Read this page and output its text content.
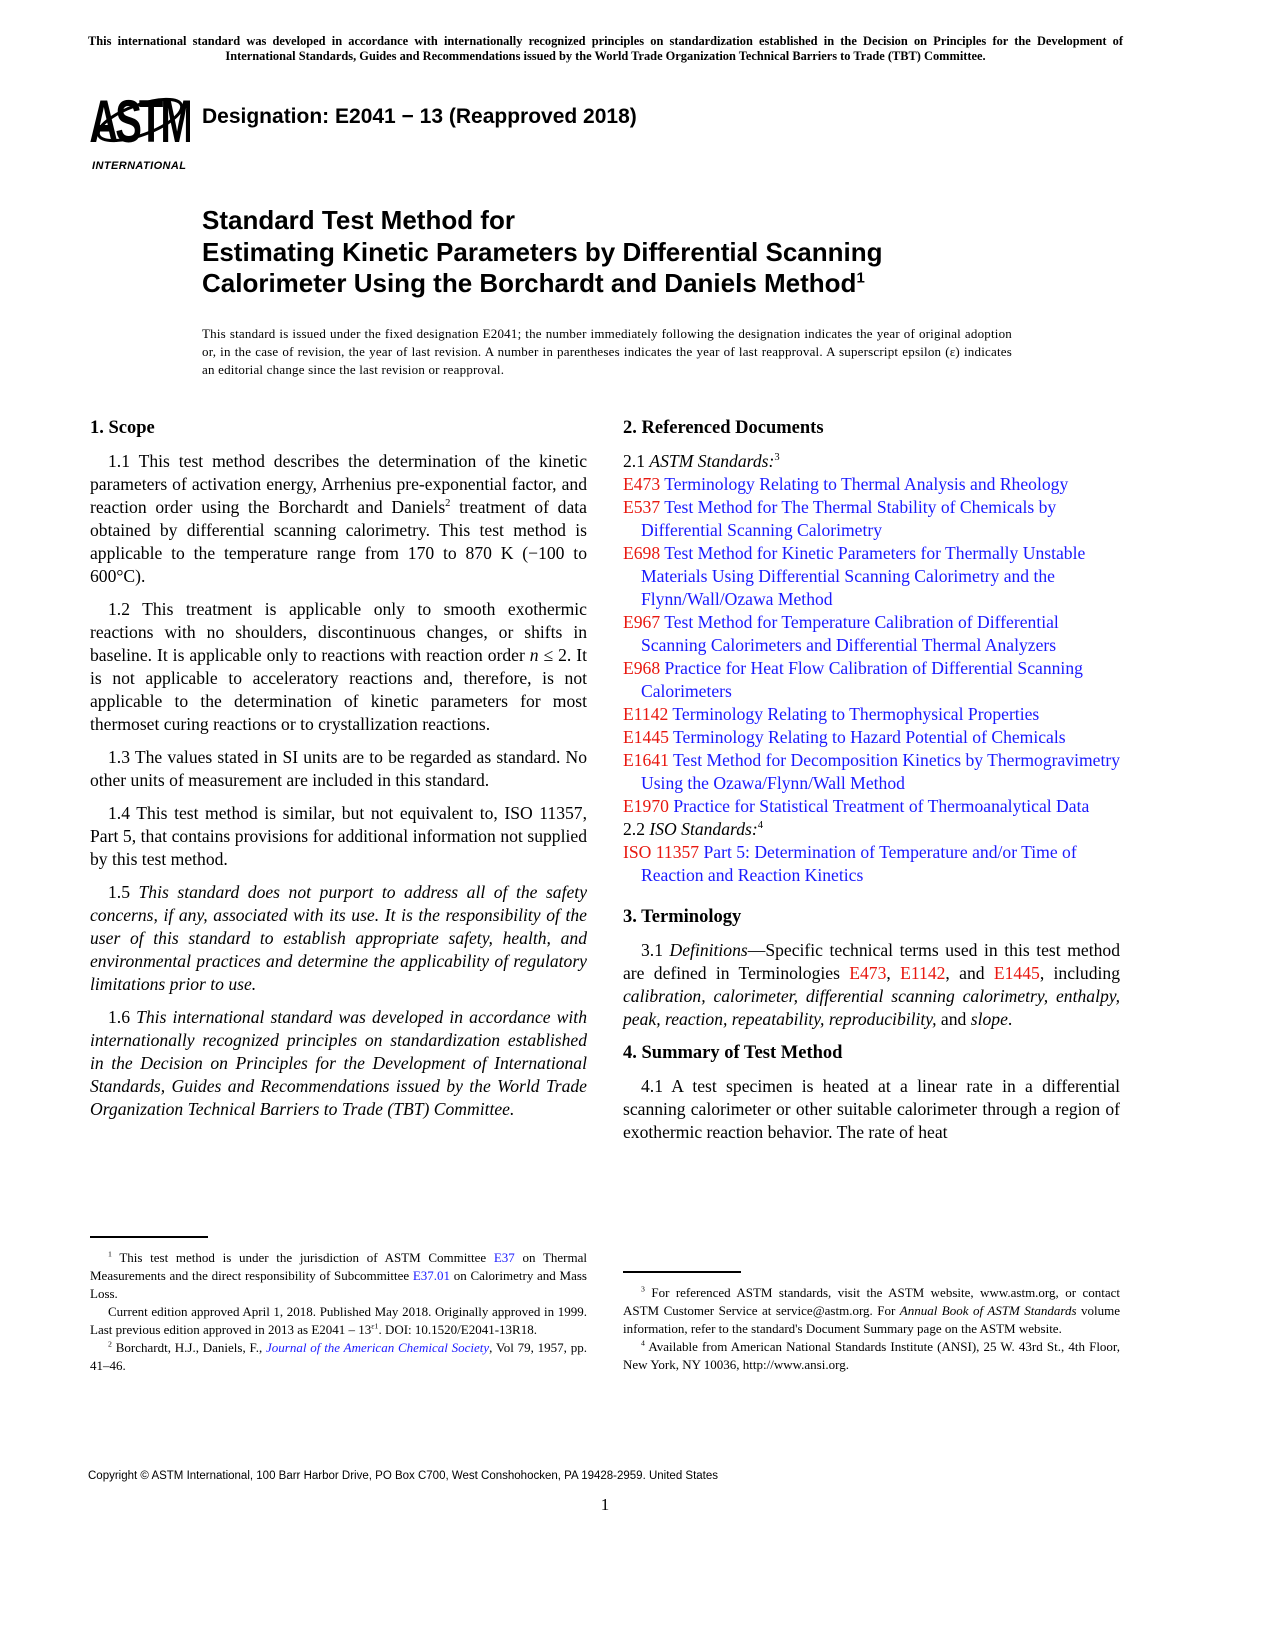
This international standard was developed in accordance with internationally recognized principles on standardization established in the Decision on Principles for the Development of International Standards, Guides and Recommendations issued by the World Trade Organization Technical Barriers to Trade (TBT) Committee.
ASTM
INTERNATIONAL
Designation: E2041 − 13 (Reapproved 2018)
Standard Test Method for
Estimating Kinetic Parameters by Differential Scanning
Calorimeter Using the Borchardt and Daniels Method$^1$
This standard is issued under the fixed designation E2041; the number immediately following the designation indicates the year of original adoption or, in the case of revision, the year of last revision. A number in parentheses indicates the year of last reapproval. A superscript epsilon (ε) indicates an editorial change since the last revision or reapproval.
1. Scope

1.1 This test method describes the determination of the kinetic parameters of activation energy, Arrhenius pre-exponential factor, and reaction order using the Borchardt and Daniels$^2$ treatment of data obtained by differential scanning calorimetry. This test method is applicable to the temperature range from 170 to 870 K (−100 to 600°C).

1.2 This treatment is applicable only to smooth exothermic reactions with no shoulders, discontinuous changes, or shifts in baseline. It is applicable only to reactions with reaction order n ≤ 2. It is not applicable to acceleratory reactions and, therefore, is not applicable to the determination of kinetic parameters for most thermoset curing reactions or to crystallization reactions.

1.3 The values stated in SI units are to be regarded as standard. No other units of measurement are included in this standard.

1.4 This test method is similar, but not equivalent to, ISO 11357, Part 5, that contains provisions for additional information not supplied by this test method.

1.5 This standard does not purport to address all of the safety concerns, if any, associated with its use. It is the responsibility of the user of this standard to establish appropriate safety, health, and environmental practices and determine the applicability of regulatory limitations prior to use.

1.6 This international standard was developed in accordance with internationally recognized principles on standardization established in the Decision on Principles for the Development of International Standards, Guides and Recommendations issued by the World Trade Organization Technical Barriers to Trade (TBT) Committee.

2. Referenced Documents
2.1 ASTM Standards:$^3$
E473 Terminology Relating to Thermal Analysis and Rheology
E537 Test Method for The Thermal Stability of Chemicals by Differential Scanning Calorimetry
E698 Test Method for Kinetic Parameters for Thermally Unstable Materials Using Differential Scanning Calorimetry and the Flynn/Wall/Ozawa Method
E967 Test Method for Temperature Calibration of Differential Scanning Calorimeters and Differential Thermal Analyzers
E968 Practice for Heat Flow Calibration of Differential Scanning Calorimeters
E1142 Terminology Relating to Thermophysical Properties
E1445 Terminology Relating to Hazard Potential of Chemicals
E1641 Test Method for Decomposition Kinetics by Thermogravimetry Using the Ozawa/Flynn/Wall Method
E1970 Practice for Statistical Treatment of Thermoanalytical Data
2.2 ISO Standards:$^4$
ISO 11357 Part 5: Determination of Temperature and/or Time of Reaction and Reaction Kinetics
3. Terminology

3.1 Definitions—Specific technical terms used in this test method are defined in Terminologies E473, E1142, and E1445, including calibration, calorimeter, differential scanning calorimetry, enthalpy, peak, reaction, repeatability, reproducibility, and slope.

4. Summary of Test Method

4.1 A test specimen is heated at a linear rate in a differential scanning calorimeter or other suitable calorimeter through a region of exothermic reaction behavior. The rate of heat

$^1$ This test method is under the jurisdiction of ASTM Committee E37 on Thermal Measurements and the direct responsibility of Subcommittee E37.01 on Calorimetry and Mass Loss.

Current edition approved April 1, 2018. Published May 2018. Originally approved in 1999. Last previous edition approved in 2013 as $E2041 - 13^{\varepsilon 1}$. DOI: 10.1520/E2041-13R18.

$^2$ Borchardt, H.J., Daniels, F., Journal of the American Chemical Society, Vol 79, 1957, pp. 41–46.

$^3$ For referenced ASTM standards, visit the ASTM website, www.astm.org, or contact ASTM Customer Service at service@astm.org. For Annual Book of ASTM Standards volume information, refer to the standard's Document Summary page on the ASTM website.

$^4$ Available from American National Standards Institute (ANSI), 25 W. 43rd St., 4th Floor, New York, NY 10036, http://www.ansi.org.

Copyright © ASTM International, 100 Barr Harbor Drive, PO Box C700, West Conshohocken, PA 19428-2959. United States
1
